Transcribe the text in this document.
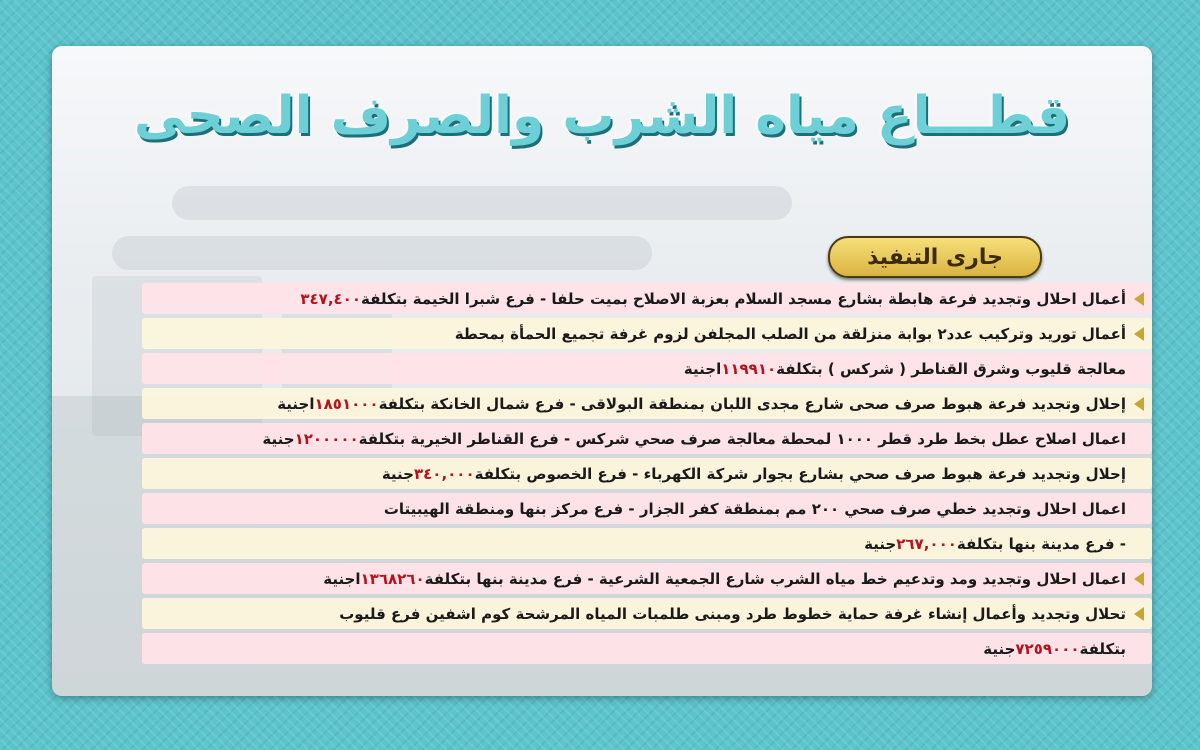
قطـــاع مياه الشرب والصرف الصحى
جارى التنفيذ
أعمال احلال وتجديد فرعة هابطة بشارع مسجد السلام بعزبة الاصلاح بميت حلفا - فرع شبرا الخيمة بتكلفة
٣٤٧,٤٠٠
أعمال توريد وتركيب عدد٢ بوابة منزلقة من الصلب المجلفن لزوم غرفة تجميع الحمأة بمحطة
معالجة قليوب وشرق القناطر ( شركس ) بتكلفة
١١٩٩١٠
اجنية
إحلال وتجديد فرعة هبوط صرف صحى شارع مجدى اللبان بمنطقة البولاقى - فرع شمال الخانكة بتكلفة
١٨٥١٠٠٠
اجنية
اعمال اصلاح عطل بخط طرد قطر ١٠٠٠ لمحطة معالجة صرف صحي شركس - فرع القناطر الخيرية بتكلفة
١٢٠٠٠٠٠
جنية
إحلال وتجديد فرعة هبوط صرف صحي بشارع بجوار شركة الكهرباء - فرع الخصوص بتكلفة
٣٤٠,٠٠٠
جنية
اعمال احلال وتجديد خطي صرف صحي ٢٠٠ مم بمنطقة كفر الجزار - فرع مركز بنها ومنطقة الهيبيتات
- فرع مدينة بنها بتكلفة
٢٦٧,٠٠٠
جنية
اعمال احلال وتجديد ومد وتدعيم خط مياه الشرب شارع الجمعية الشرعية - فرع مدينة بنها بتكلفة
١٣٦٨٢٦٠
اجنية
تحلال وتجديد وأعمال إنشاء غرفة حماية خطوط طرد ومبنى طلمبات المياه المرشحة كوم اشفين فرع قليوب
بتكلفة
٧٢٥٩٠٠٠
جنية
